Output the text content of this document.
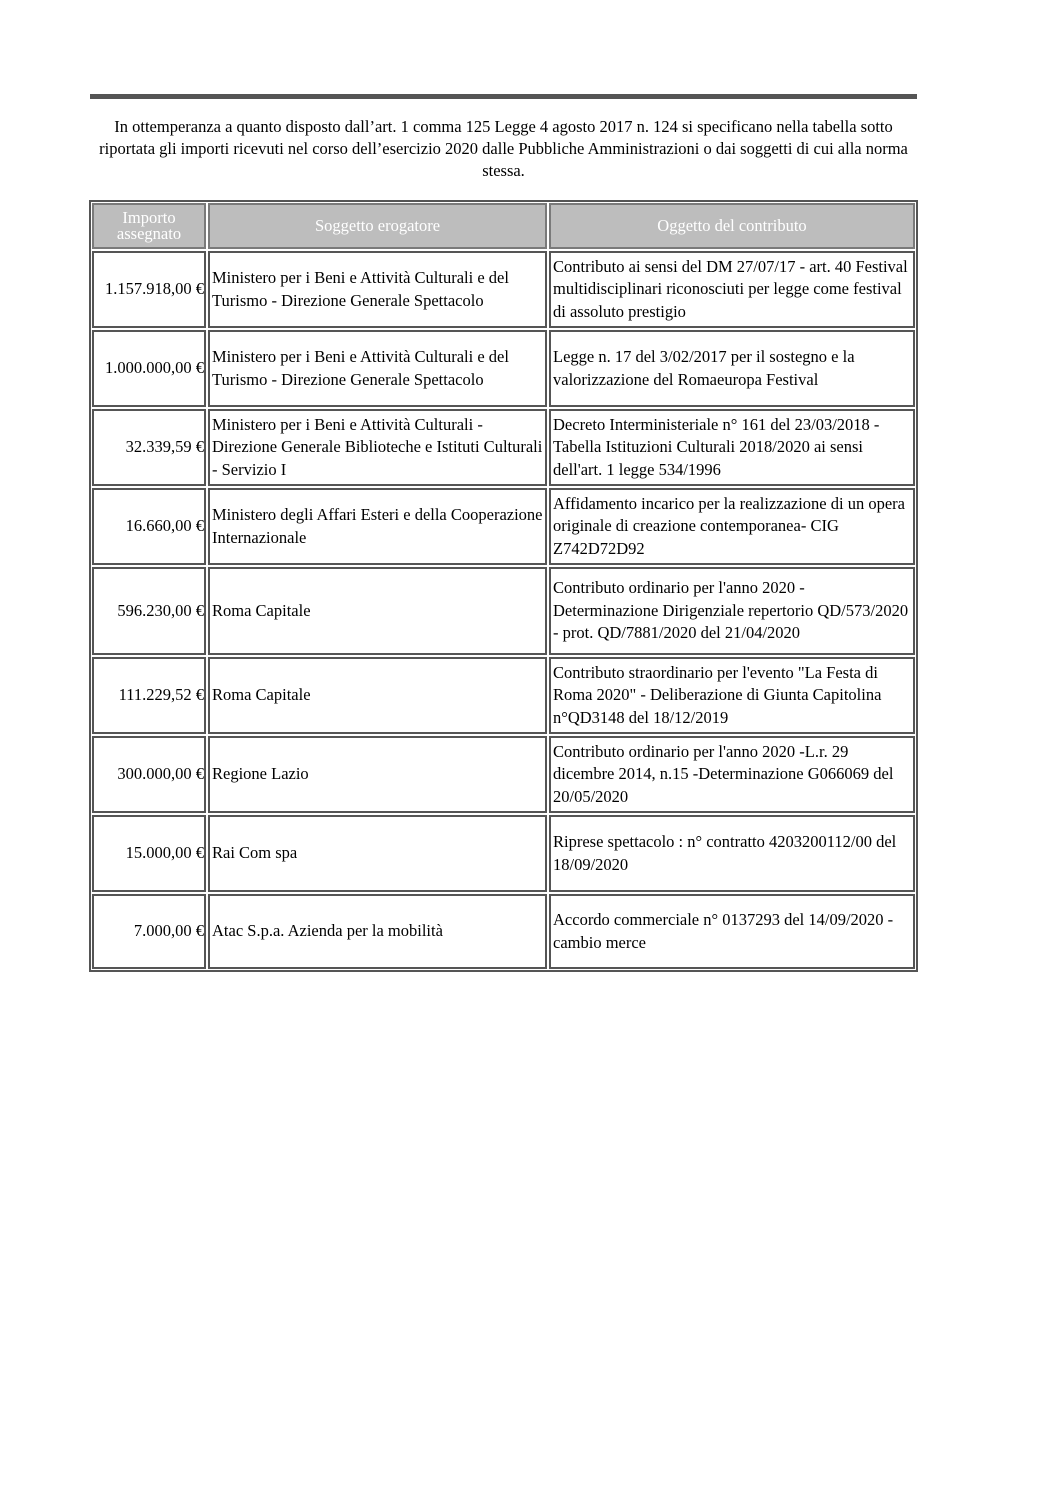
In ottemperanza a quanto disposto dall’art. 1 comma 125 Legge 4 agosto 2017 n. 124 si specificano nella tabella sotto riportata gli importi ricevuti nel corso dell’esercizio 2020 dalle Pubbliche Amministrazioni o dai soggetti di cui alla norma stessa.
Importo assegnato	Soggetto erogatore	Oggetto del contributo
1.157.918,00 €
Ministero per i Beni e Attività Culturali e del Turismo - Direzione Generale Spettacolo
Contributo ai sensi del DM 27/07/17 - art. 40 Festival multidisciplinari riconosciuti per legge come festival di assoluto prestigio
1.000.000,00 €
Ministero per i Beni e Attività Culturali e del Turismo - Direzione Generale Spettacolo
Legge n. 17 del 3/02/2017 per il sostegno e la valorizzazione del Romaeuropa Festival
32.339,59 €
Ministero per i Beni e Attività Culturali - Direzione Generale Biblioteche e Istituti Culturali - Servizio I
Decreto Interministeriale n° 161 del 23/03/2018 - Tabella Istituzioni Culturali 2018/2020 ai sensi dell'art. 1 legge 534/1996
16.660,00 €
Ministero degli Affari Esteri e della Cooperazione Internazionale
Affidamento incarico per la realizzazione di un opera originale di creazione contemporanea- CIG Z742D72D92
596.230,00 € Roma Capitale
Contributo ordinario per l'anno 2020 - Determinazione Dirigenziale repertorio QD/573/2020 - prot. QD/7881/2020 del 21/04/2020
111.229,52 € Roma Capitale
Contributo straordinario per l'evento "La Festa di Roma 2020" - Deliberazione di Giunta Capitolina n°QD3148 del 18/12/2019
300.000,00 € Regione Lazio
Contributo ordinario per l'anno 2020 -L.r. 29 dicembre 2014, n.15 -Determinazione G066069 del 20/05/2020
15.000,00 € Rai Com spa
Riprese spettacolo : n° contratto 4203200112/00 del 18/09/2020
7.000,00 € Atac S.p.a. Azienda per la mobilità
Accordo commerciale n° 0137293 del 14/09/2020 -cambio merce
